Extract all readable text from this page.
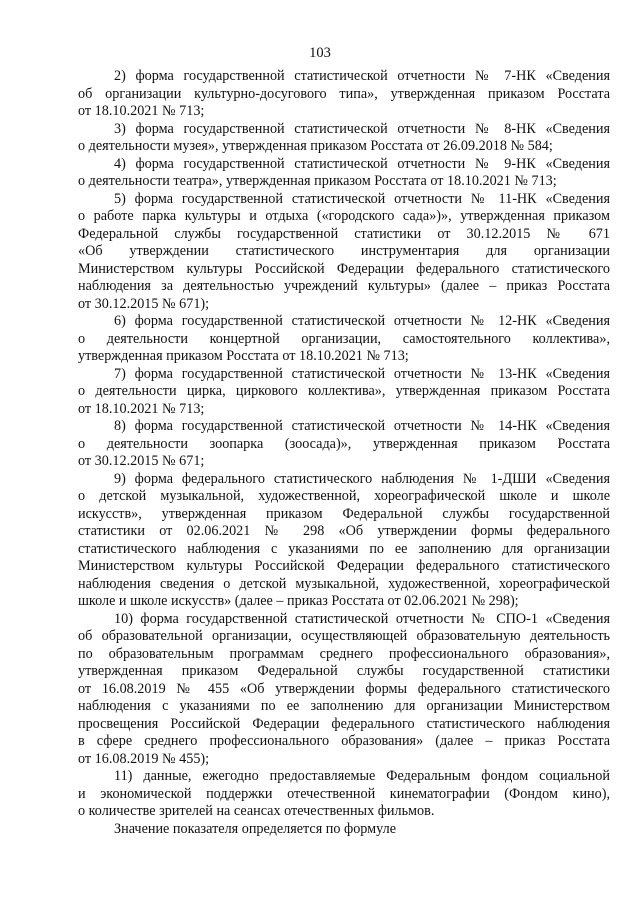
103

2) форма государственной статистической отчетности № 7-НК «Сведения
об организации культурно-досугового типа», утвержденная приказом Росстата
от 18.10.2021 № 713;

3) форма государственной статистической отчетности № 8-НК «Сведения
о деятельности музея», утвержденная приказом Росстата от 26.09.2018 № 584;

4) форма государственной статистической отчетности № 9-НК «Сведения
о деятельности театра», утвержденная приказом Росстата от 18.10.2021 № 713;

5) форма государственной статистической отчетности № 11-НК «Сведения
о работе парка культуры и отдыха («городского сада»)», утвержденная приказом
Федеральной службы государственной статистики от 30.12.2015 № 671
«Об утверждении статистического инструментария для организации
Министерством культуры Российской Федерации федерального статистического
наблюдения за деятельностью учреждений культуры» (далее – приказ Росстата
от 30.12.2015 № 671);

6) форма государственной статистической отчетности № 12-НК «Сведения
о деятельности концертной организации, самостоятельного коллектива»,
утвержденная приказом Росстата от 18.10.2021 № 713;

7) форма государственной статистической отчетности № 13-НК «Сведения
о деятельности цирка, циркового коллектива», утвержденная приказом Росстата
от 18.10.2021 № 713;

8) форма государственной статистической отчетности № 14-НК «Сведения
о деятельности зоопарка (зоосада)», утвержденная приказом Росстата
от 30.12.2015 № 671;

9) форма федерального статистического наблюдения № 1-ДШИ «Сведения
о детской музыкальной, художественной, хореографической школе и школе
искусств», утвержденная приказом Федеральной службы государственной
статистики от 02.06.2021 № 298 «Об утверждении формы федерального
статистического наблюдения с указаниями по ее заполнению для организации
Министерством культуры Российской Федерации федерального статистического
наблюдения сведения о детской музыкальной, художественной, хореографической
школе и школе искусств» (далее – приказ Росстата от 02.06.2021 № 298);

10) форма государственной статистической отчетности № СПО-1 «Сведения
об образовательной организации, осуществляющей образовательную деятельность
по образовательным программам среднего профессионального образования»,
утвержденная приказом Федеральной службы государственной статистики
от 16.08.2019 № 455 «Об утверждении формы федерального статистического
наблюдения с указаниями по ее заполнению для организации Министерством
просвещения Российской Федерации федерального статистического наблюдения
в сфере среднего профессионального образования» (далее – приказ Росстата
от 16.08.2019 № 455);

11) данные, ежегодно предоставляемые Федеральным фондом социальной
и экономической поддержки отечественной кинематографии (Фондом кино),
о количестве зрителей на сеансах отечественных фильмов.

Значение показателя определяется по формуле
